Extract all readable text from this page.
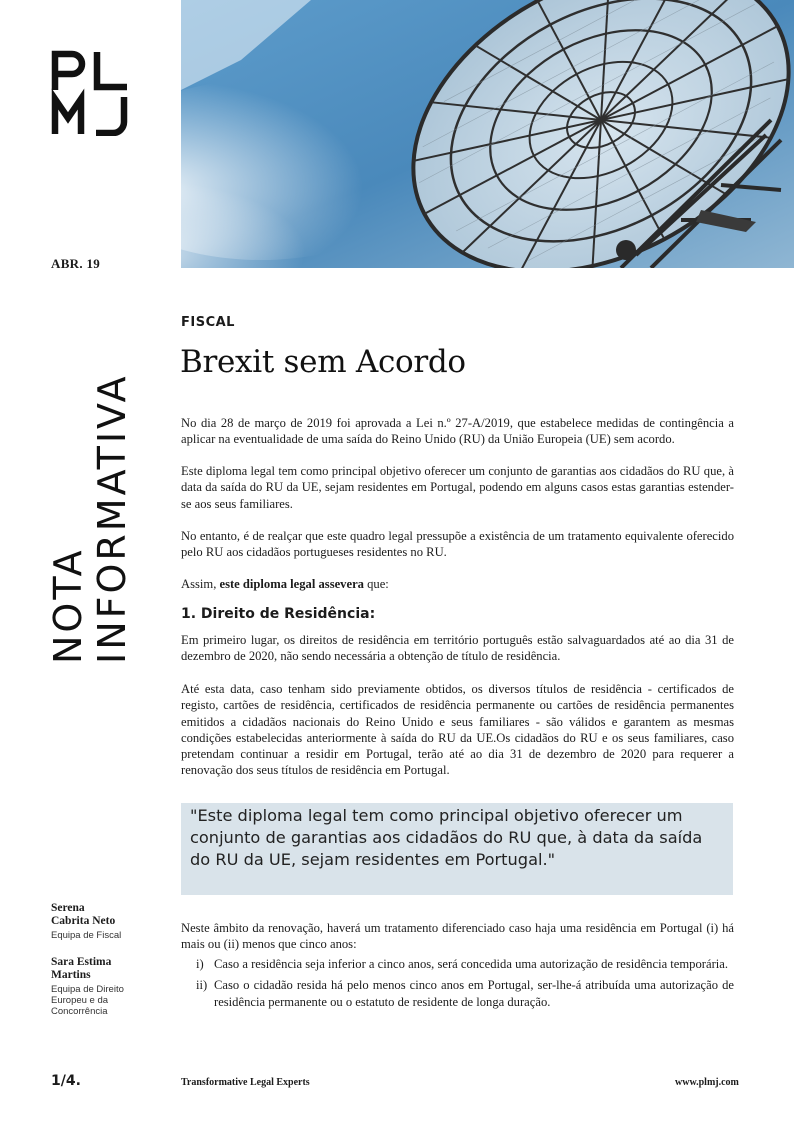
ABR. 19
NOTA INFORMATIVA
FISCAL
Brexit sem Acordo

No dia 28 de março de 2019 foi aprovada a Lei n.º 27-A/2019, que estabelece medidas de contingência a aplicar na eventualidade de uma saída do Reino Unido (RU) da União Europeia (UE) sem acordo.

Este diploma legal tem como principal objetivo oferecer um conjunto de garantias aos cidadãos do RU que, à data da saída do RU da UE, sejam residentes em Portugal, podendo em alguns casos estas garantias estender-se aos seus familiares.

No entanto, é de realçar que este quadro legal pressupõe a existência de um tratamento equivalente oferecido pelo RU aos cidadãos portugueses residentes no RU.

Assim, este diploma legal assevera que:

1. Direito de Residência:

Em primeiro lugar, os direitos de residência em território português estão salvaguardados até ao dia 31 de dezembro de 2020, não sendo necessária a obtenção de título de residência.

Até esta data, caso tenham sido previamente obtidos, os diversos títulos de residência - certificados de registo, cartões de residência, certificados de residência permanente ou cartões de residência permanentes emitidos a cidadãos nacionais do Reino Unido e seus familiares - são válidos e garantem as mesmas condições estabelecidas anteriormente à saída do RU da UE.Os cidadãos do RU e os seus familiares, caso pretendam continuar a residir em Portugal, terão até ao dia 31 de dezembro de 2020 para requerer a renovação dos seus títulos de residência em Portugal.

"Este diploma legal tem como principal objetivo oferecer um conjunto de garantias aos cidadãos do RU que, à data da saída do RU da UE, sejam residentes em Portugal."

Neste âmbito da renovação, haverá um tratamento diferenciado caso haja uma residência em Portugal (i) há mais ou (ii) menos que cinco anos:

i) Caso a residência seja inferior a cinco anos, será concedida uma autorização de residência temporária.
ii) Caso o cidadão resida há pelo menos cinco anos em Portugal, ser-lhe-á atribuída uma autorização de residência permanente ou o estatuto de residente de longa duração.
Serena
Cabrita Neto
Equipa de Fiscal
Sara Estima
Martins
Equipa de Direito
Europeu e da
Concorrência
1/4.	Transformative Legal Experts	www.plmj.com
